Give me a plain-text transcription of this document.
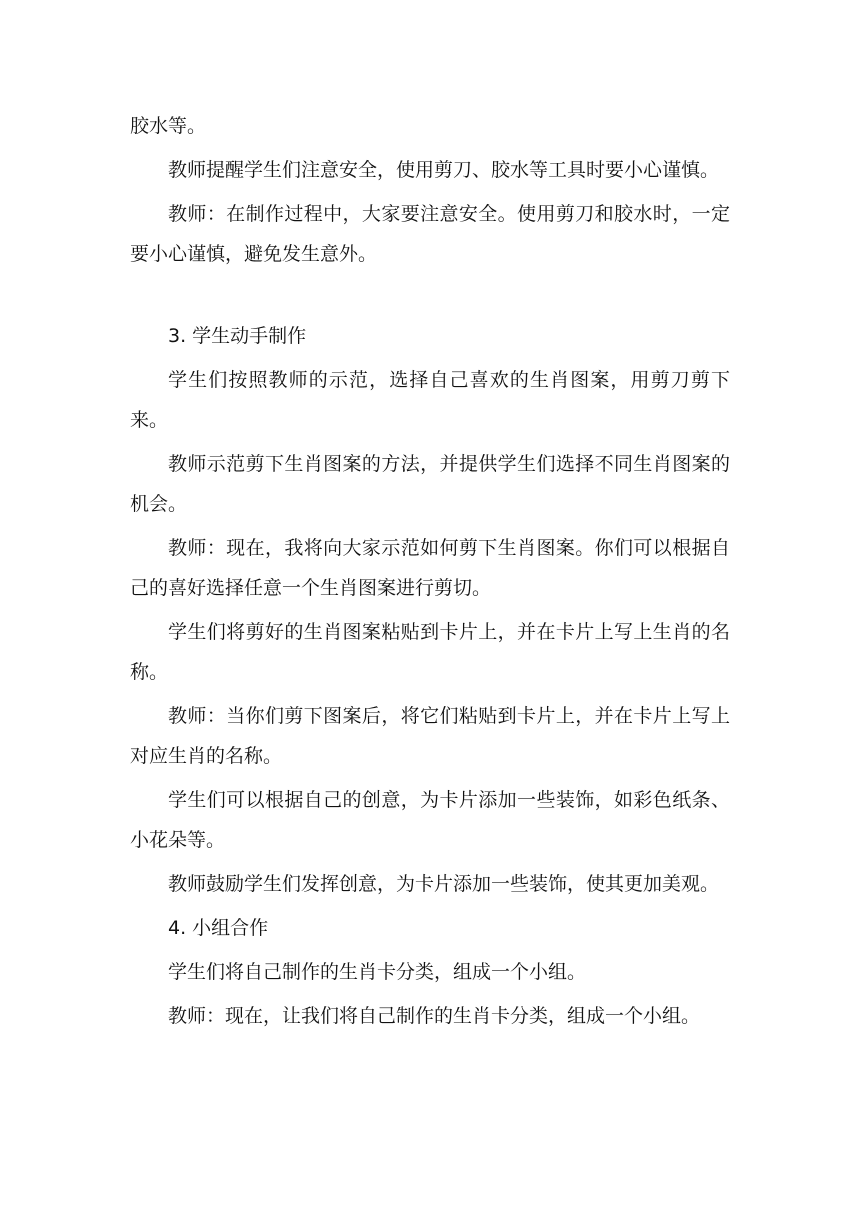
胶水等。

教师提醒学生们注意安全，使用剪刀、胶水等工具时要小心谨慎。

教师：在制作过程中，大家要注意安全。使用剪刀和胶水时，一定要小心谨慎，避免发生意外。

3. 学生动手制作

学生们按照教师的示范，选择自己喜欢的生肖图案，用剪刀剪下来。

教师示范剪下生肖图案的方法，并提供学生们选择不同生肖图案的机会。

教师：现在，我将向大家示范如何剪下生肖图案。你们可以根据自己的喜好选择任意一个生肖图案进行剪切。

学生们将剪好的生肖图案粘贴到卡片上，并在卡片上写上生肖的名称。

教师：当你们剪下图案后，将它们粘贴到卡片上，并在卡片上写上对应生肖的名称。

学生们可以根据自己的创意，为卡片添加一些装饰，如彩色纸条、小花朵等。

教师鼓励学生们发挥创意，为卡片添加一些装饰，使其更加美观。

4. 小组合作

学生们将自己制作的生肖卡分类，组成一个小组。

教师：现在，让我们将自己制作的生肖卡分类，组成一个小组。
